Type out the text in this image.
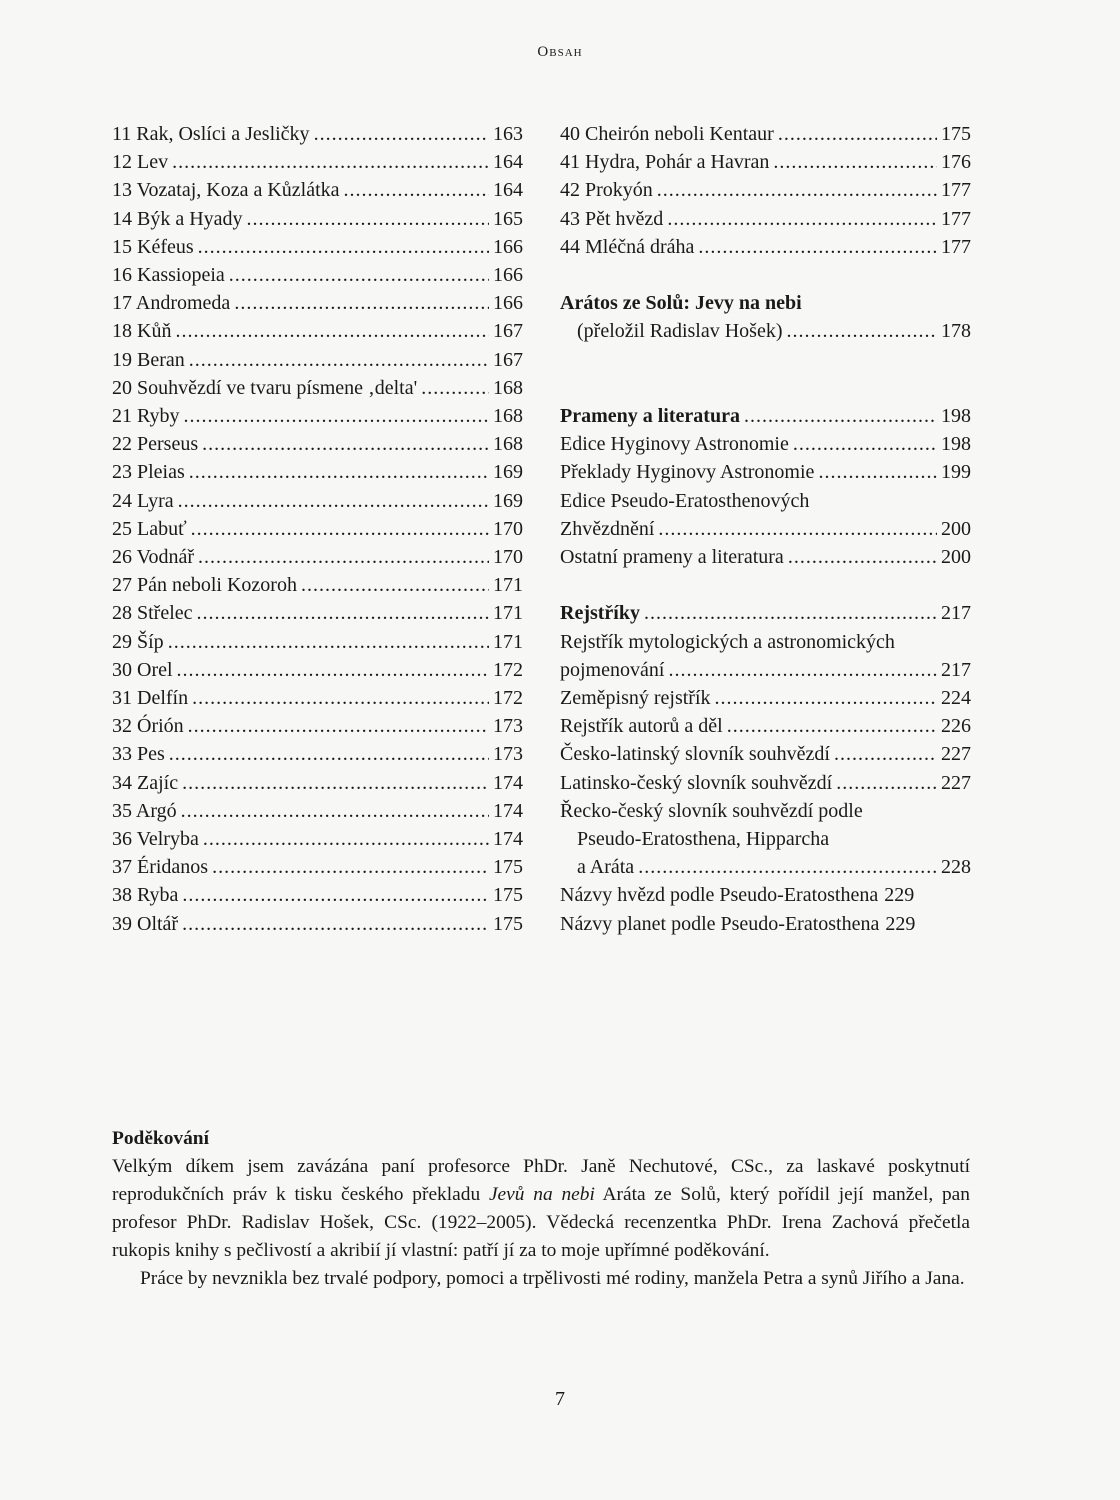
Obsah
11 Rak, Oslíci a Jesličky .....	163
12 Lev .....	164
13 Vozataj, Koza a Kůzlátka .....	164
14 Býk a Hyady .....	165
15 Kéfeus .....	166
16 Kassiopeia .....	166
17 Andromeda .....	166
18 Kůň .....	167
19 Beran .....	167
20 Souhvězdí ve tvaru písmene ‚delta' .....	168
21 Ryby .....	168
22 Perseus .....	168
23 Pleias .....	169
24 Lyra .....	169
25 Labuť .....	170
26 Vodnář .....	170
27 Pán neboli Kozoroh .....	171
28 Střelec .....	171
29 Šíp .....	171
30 Orel .....	172
31 Delfín .....	172
32 Órión .....	173
33 Pes .....	173
34 Zajíc .....	174
35 Argó .....	174
36 Velryba .....	174
37 Éridanos .....	175
38 Ryba .....	175
39 Oltář .....	175
40 Cheirón neboli Kentaur .....	175
41 Hydra, Pohár a Havran .....	176
42 Prokyón .....	177
43 Pět hvězd .....	177
44 Mléčná dráha .....	177
Arátos ze Solů: Jevy na nebi
(přeložil Radislav Hošek) .....	178
Prameny a literatura .....	198
Edice Hyginovy Astronomie .....	198
Překlady Hyginovy Astronomie .....	199
Edice Pseudo-Eratosthenových
Zhvězdnění .....	200
Ostatní prameny a literatura .....	200
Rejstříky .....	217
Rejstřík mytologických a astronomických
pojmenování .....	217
Zeměpisný rejstřík .....	224
Rejstřík autorů a děl .....	226
Česko-latinský slovník souhvězdí .....	227
Latinsko-český slovník souhvězdí .....	227
Řecko-český slovník souhvězdí podle
Pseudo-Eratosthena, Hipparcha
a Aráta .....	228
Názvy hvězd podle Pseudo-Eratosthena 229
Názvy planet podle Pseudo-Eratosthena 229
Poděkování

Velkým díkem jsem zavázána paní profesorce PhDr. Janě Nechutové, CSc., za laskavé poskytnutí reprodukčních práv k tisku českého překladu Jevů na nebi Aráta ze Solů, který pořídil její manžel, pan profesor PhDr. Radislav Hošek, CSc. (1922–2005). Vědecká recenzentka PhDr. Irena Zachová přečetla rukopis knihy s pečlivostí a akribií jí vlastní: patří jí za to moje upřímné poděkování.

Práce by nevznikla bez trvalé podpory, pomoci a trpělivosti mé rodiny, manžela Petra a synů Jiřího a Jana.

7
